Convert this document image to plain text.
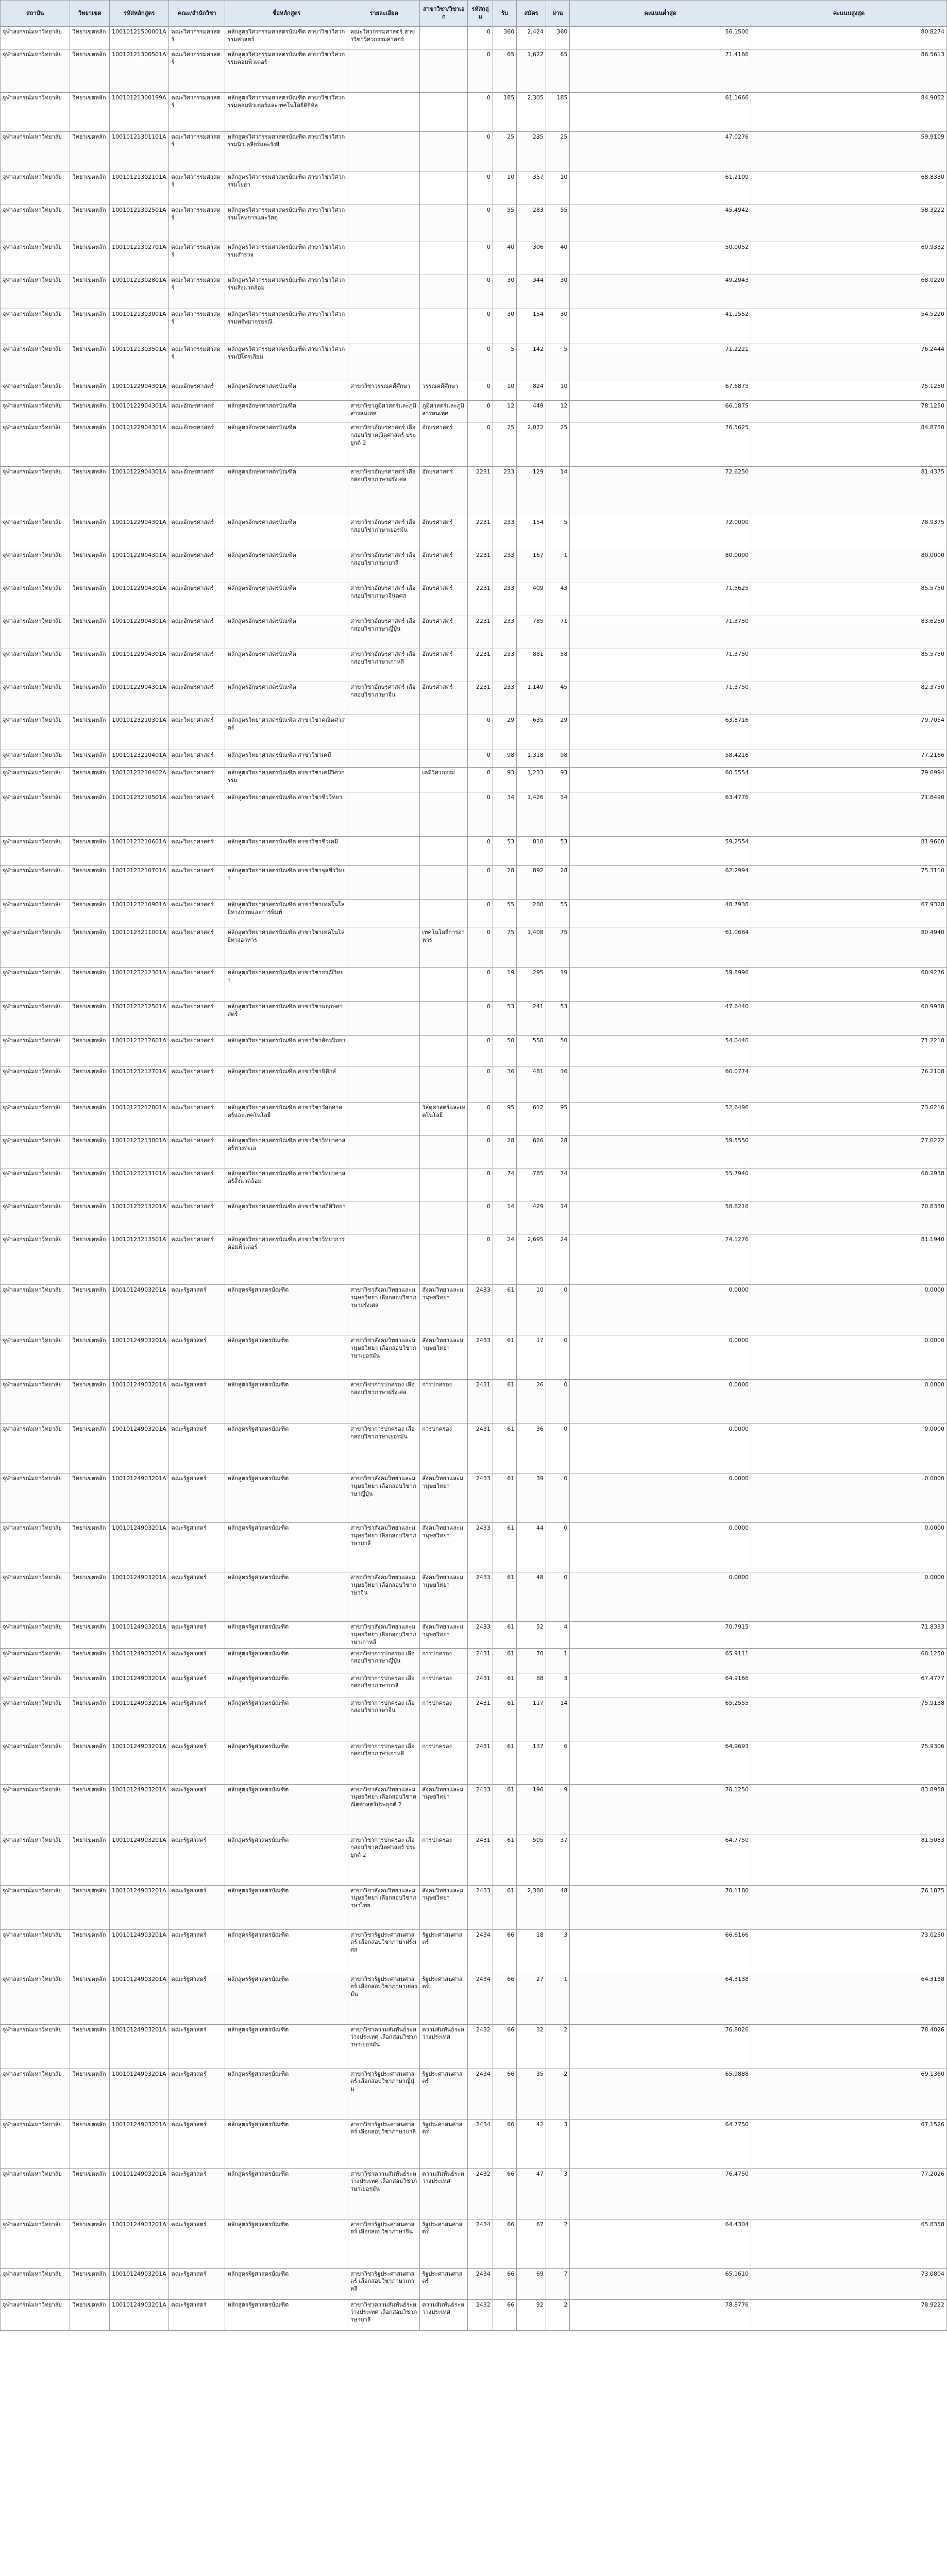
สถาบัน	วิทยาเขต	รหัสหลักสูตร	คณะ/สำนักวิชา	ชื่อหลักสูตร	รายละเอียด	สาขาวิชา/วิชาเอก	รหัสกลุ่ม	รับ	สมัคร	ผ่าน	คะแนนต่ำสุด	คะแนนสูงสุด
จุฬาลงกรณ์มหาวิทยาลัย	วิทยาเขตหลัก	10010121500001A	คณะวิศวกรรมศาสตร์	หลักสูตรวิศวกรรมศาสตรบัณฑิต สาขาวิชาวิศวกรรมศาสตร์	คณะวิศวกรรมศาสตร์ สาขาวิชาวิศวกรรมศาสตร์		0	360	2,424	360	56.1500	80.8274
จุฬาลงกรณ์มหาวิทยาลัย	วิทยาเขตหลัก	10010121300501A	คณะวิศวกรรมศาสตร์	หลักสูตรวิศวกรรมศาสตรบัณฑิต สาขาวิชาวิศวกรรมคอมพิวเตอร์			0	65	1,622	65	71.4166	86.5613
จุฬาลงกรณ์มหาวิทยาลัย	วิทยาเขตหลัก	10010121300199A	คณะวิศวกรรมศาสตร์	หลักสูตรวิศวกรรมศาสตรบัณฑิต สาขาวิชาวิศวกรรมคอมพิวเตอร์และเทคโนโลยีดิจิทัล			0	185	2,305	185	61.1666	84.9052
จุฬาลงกรณ์มหาวิทยาลัย	วิทยาเขตหลัก	10010121301101A	คณะวิศวกรรมศาสตร์	หลักสูตรวิศวกรรมศาสตรบัณฑิต สาขาวิชาวิศวกรรมนิวเคลียร์และรังสี			0	25	235	25	47.0276	59.9109
จุฬาลงกรณ์มหาวิทยาลัย	วิทยาเขตหลัก	10010121302101A	คณะวิศวกรรมศาสตร์	หลักสูตรวิศวกรรมศาสตรบัณฑิต สาขาวิชาวิศวกรรมโยธา			0	10	357	10	61.2109	68.8330
จุฬาลงกรณ์มหาวิทยาลัย	วิทยาเขตหลัก	10010121302501A	คณะวิศวกรรมศาสตร์	หลักสูตรวิศวกรรมศาสตรบัณฑิต สาขาวิชาวิศวกรรมโลหการและวัสดุ			0	55	283	55	45.4942	58.3222
จุฬาลงกรณ์มหาวิทยาลัย	วิทยาเขตหลัก	10010121302701A	คณะวิศวกรรมศาสตร์	หลักสูตรวิศวกรรมศาสตรบัณฑิต สาขาวิชาวิศวกรรมสำรวจ			0	40	306	40	50.0052	60.9332
จุฬาลงกรณ์มหาวิทยาลัย	วิทยาเขตหลัก	10010121302801A	คณะวิศวกรรมศาสตร์	หลักสูตรวิศวกรรมศาสตรบัณฑิต สาขาวิชาวิศวกรรมสิ่งแวดล้อม			0	30	344	30	49.2943	68.0220
จุฬาลงกรณ์มหาวิทยาลัย	วิทยาเขตหลัก	10010121303001A	คณะวิศวกรรมศาสตร์	หลักสูตรวิศวกรรมศาสตรบัณฑิต สาขาวิชาวิศวกรรมทรัพยากรธรณี			0	30	154	30	41.1552	54.5220
จุฬาลงกรณ์มหาวิทยาลัย	วิทยาเขตหลัก	10010121303501A	คณะวิศวกรรมศาสตร์	หลักสูตรวิศวกรรมศาสตรบัณฑิต สาขาวิชาวิศวกรรมปิโตรเลียม			0	5	142	5	71.2221	76.2444
จุฬาลงกรณ์มหาวิทยาลัย	วิทยาเขตหลัก	10010122904301A	คณะอักษรศาสตร์	หลักสูตรอักษรศาสตรบัณฑิต	สาขาวิชาวรรณคดีศึกษา	วรรณคดีศึกษา	0	10	824	10	67.6875	75.1250
จุฬาลงกรณ์มหาวิทยาลัย	วิทยาเขตหลัก	10010122904301A	คณะอักษรศาสตร์	หลักสูตรอักษรศาสตรบัณฑิต	สาขาวิชาภูมิศาสตร์และภูมิสารสนเทศ	ภูมิศาสตร์และภูมิสารสนเทศ	0	12	449	12	66.1875	78.1250
จุฬาลงกรณ์มหาวิทยาลัย	วิทยาเขตหลัก	10010122904301A	คณะอักษรศาสตร์	หลักสูตรอักษรศาสตรบัณฑิต	สาขาวิชาอักษรศาสตร์ เลือกสอบวิชาคณิตศาสตร์ ประยุกต์ 2	อักษรศาสตร์	0	25	2,072	25	76.5625	84.8750
จุฬาลงกรณ์มหาวิทยาลัย	วิทยาเขตหลัก	10010122904301A	คณะอักษรศาสตร์	หลักสูตรอักษรศาสตรบัณฑิต	สาขาวิชาอักษรศาสตร์ เลือกสอบวิชาภาษาฝรั่งเศส	อักษรศาสตร์	2231	233	129	14	72.6250	81.4375
จุฬาลงกรณ์มหาวิทยาลัย	วิทยาเขตหลัก	10010122904301A	คณะอักษรศาสตร์	หลักสูตรอักษรศาสตรบัณฑิต	สาขาวิชาอักษรศาสตร์ เลือกสอบวิชาภาษาเยอรมัน	อักษรศาสตร์	2231	233	154	5	72.0000	78.9375
จุฬาลงกรณ์มหาวิทยาลัย	วิทยาเขตหลัก	10010122904301A	คณะอักษรศาสตร์	หลักสูตรอักษรศาสตรบัณฑิต	สาขาวิชาอักษรศาสตร์ เลือกสอบวิชาภาษาบาลี	อักษรศาสตร์	2231	233	167	1	80.0000	80.0000
จุฬาลงกรณ์มหาวิทยาลัย	วิทยาเขตหลัก	10010122904301A	คณะอักษรศาสตร์	หลักสูตรอักษรศาสตรบัณฑิต	สาขาวิชาอักษรศาสตร์ เลือกสอบวิชาภาษาจีนดศส	อักษรศาสตร์	2231	233	409	43	71.5625	85.5750
จุฬาลงกรณ์มหาวิทยาลัย	วิทยาเขตหลัก	10010122904301A	คณะอักษรศาสตร์	หลักสูตรอักษรศาสตรบัณฑิต	สาขาวิชาอักษรศาสตร์ เลือกสอบวิชาภาษาญี่ปุ่น	อักษรศาสตร์	2231	233	785	71	71.3750	83.6250
จุฬาลงกรณ์มหาวิทยาลัย	วิทยาเขตหลัก	10010122904301A	คณะอักษรศาสตร์	หลักสูตรอักษรศาสตรบัณฑิต	สาขาวิชาอักษรศาสตร์ เลือกสอบวิชาภาษาเกาหลี	อักษรศาสตร์	2231	233	881	58	71.3750	85.5750
จุฬาลงกรณ์มหาวิทยาลัย	วิทยาเขตหลัก	10010122904301A	คณะอักษรศาสตร์	หลักสูตรอักษรศาสตรบัณฑิต	สาขาวิชาอักษรศาสตร์ เลือกสอบวิชาภาษาจีน	อักษรศาสตร์	2231	233	1,149	45	71.3750	82.3750
จุฬาลงกรณ์มหาวิทยาลัย	วิทยาเขตหลัก	10010123210301A	คณะวิทยาศาสตร์	หลักสูตรวิทยาศาสตรบัณฑิต สาขาวิชาคณิตศาสตร์			0	29	635	29	63.8716	79.7054
จุฬาลงกรณ์มหาวิทยาลัย	วิทยาเขตหลัก	10010123210401A	คณะวิทยาศาสตร์	หลักสูตรวิทยาศาสตรบัณฑิต สาขาวิชาเคมี			0	98	1,318	98	58.4216	77.2166
จุฬาลงกรณ์มหาวิทยาลัย	วิทยาเขตหลัก	10010123210402A	คณะวิทยาศาสตร์	หลักสูตรวิทยาศาสตรบัณฑิต สาขาวิชาเคมีวิศวกรรม		เคมีวิศวกรรม	0	93	1,233	93	60.5554	79.6994
จุฬาลงกรณ์มหาวิทยาลัย	วิทยาเขตหลัก	10010123210501A	คณะวิทยาศาสตร์	หลักสูตรวิทยาศาสตรบัณฑิต สาขาวิชาชีววิทยา			0	34	1,426	34	63.4776	71.8490
จุฬาลงกรณ์มหาวิทยาลัย	วิทยาเขตหลัก	10010123210601A	คณะวิทยาศาสตร์	หลักสูตรวิทยาศาสตรบัณฑิต สาขาวิชาชีวเคมี			0	53	818	53	59.2554	81.9660
จุฬาลงกรณ์มหาวิทยาลัย	วิทยาเขตหลัก	10010123210701A	คณะวิทยาศาสตร์	หลักสูตรวิทยาศาสตรบัณฑิต สาขาวิชาจุลชีววิทยา			0	28	892	28	62.2994	75.3110
จุฬาลงกรณ์มหาวิทยาลัย	วิทยาเขตหลัก	10010123210901A	คณะวิทยาศาสตร์	หลักสูตรวิทยาศาสตรบัณฑิต สาขาวิชาเทคโนโลยีทางภาพและการพิมพ์			0	55	280	55	48.7938	67.9328
จุฬาลงกรณ์มหาวิทยาลัย	วิทยาเขตหลัก	10010123211001A	คณะวิทยาศาสตร์	หลักสูตรวิทยาศาสตรบัณฑิต สาขาวิชาเทคโนโลยีทางอาหาร		เทคโนโลยีการอาหาร	0	75	1,408	75	61.0664	80.4940
จุฬาลงกรณ์มหาวิทยาลัย	วิทยาเขตหลัก	10010123212301A	คณะวิทยาศาสตร์	หลักสูตรวิทยาศาสตรบัณฑิต สาขาวิชาธรณีวิทยา			0	19	295	19	59.8996	68.9276
จุฬาลงกรณ์มหาวิทยาลัย	วิทยาเขตหลัก	10010123212501A	คณะวิทยาศาสตร์	หลักสูตรวิทยาศาสตรบัณฑิต สาขาวิชาพฤกษศาสตร์			0	53	241	53	47.6440	60.9938
จุฬาลงกรณ์มหาวิทยาลัย	วิทยาเขตหลัก	10010123212601A	คณะวิทยาศาสตร์	หลักสูตรวิทยาศาสตรบัณฑิต สาขาวิชาสัตววิทยา			0	50	558	50	54.0440	71.2218
จุฬาลงกรณ์มหาวิทยาลัย	วิทยาเขตหลัก	10010123212701A	คณะวิทยาศาสตร์	หลักสูตรวิทยาศาสตรบัณฑิต สาขาวิชาฟิสิกส์			0	36	481	36	60.0774	76.2108
จุฬาลงกรณ์มหาวิทยาลัย	วิทยาเขตหลัก	10010123212801A	คณะวิทยาศาสตร์	หลักสูตรวิทยาศาสตรบัณฑิต สาขาวิชาวัสดุศาสตร์และเทคโนโลยี		วัสดุศาสตร์และเทคโนโลยี	0	95	612	95	52.6496	73.0216
จุฬาลงกรณ์มหาวิทยาลัย	วิทยาเขตหลัก	10010123213001A	คณะวิทยาศาสตร์	หลักสูตรวิทยาศาสตรบัณฑิต สาขาวิชาวิทยาศาสตร์ทางทะเล			0	28	626	28	59.5550	77.0222
จุฬาลงกรณ์มหาวิทยาลัย	วิทยาเขตหลัก	10010123213101A	คณะวิทยาศาสตร์	หลักสูตรวิทยาศาสตรบัณฑิต สาขาวิชาวิทยาศาสตร์สิ่งแวดล้อม			0	74	785	74	55.7940	68.2938
จุฬาลงกรณ์มหาวิทยาลัย	วิทยาเขตหลัก	10010123213201A	คณะวิทยาศาสตร์	หลักสูตรวิทยาศาสตรบัณฑิต สาขาวิชาสถิติวิทยา			0	14	429	14	58.8216	70.8330
จุฬาลงกรณ์มหาวิทยาลัย	วิทยาเขตหลัก	10010123213501A	คณะวิทยาศาสตร์	หลักสูตรวิทยาศาสตรบัณฑิต สาขาวิชาวิทยาการคอมพิวเตอร์			0	24	2,695	24	74.1276	81.1940
จุฬาลงกรณ์มหาวิทยาลัย	วิทยาเขตหลัก	10010124903201A	คณะรัฐศาสตร์	หลักสูตรรัฐศาสตรบัณฑิต	สาขาวิชาสังคมวิทยาและมานุษยวิทยา เลือกสอบวิชาภาษาฝรั่งเศส	สังคมวิทยาและมานุษยวิทยา	2433	61	10	0	0.0000	0.0000
จุฬาลงกรณ์มหาวิทยาลัย	วิทยาเขตหลัก	10010124903201A	คณะรัฐศาสตร์	หลักสูตรรัฐศาสตรบัณฑิต	สาขาวิชาสังคมวิทยาและมานุษยวิทยา เลือกสอบวิชาภาษาเยอรมัน	สังคมวิทยาและมานุษยวิทยา	2433	61	17	0	0.0000	0.0000
จุฬาลงกรณ์มหาวิทยาลัย	วิทยาเขตหลัก	10010124903201A	คณะรัฐศาสตร์	หลักสูตรรัฐศาสตรบัณฑิต	สาขาวิชาการปกครอง เลือกสอบวิชาภาษาฝรั่งเศส	การปกครอง	2431	61	26	0	0.0000	0.0000
จุฬาลงกรณ์มหาวิทยาลัย	วิทยาเขตหลัก	10010124903201A	คณะรัฐศาสตร์	หลักสูตรรัฐศาสตรบัณฑิต	สาขาวิชาการปกครอง เลือกสอบวิชาภาษาเยอรมัน	การปกครอง	2431	61	36	0	0.0000	0.0000
จุฬาลงกรณ์มหาวิทยาลัย	วิทยาเขตหลัก	10010124903201A	คณะรัฐศาสตร์	หลักสูตรรัฐศาสตรบัณฑิต	สาขาวิชาสังคมวิทยาและมานุษยวิทยา เลือกสอบวิชาภาษาญี่ปุ่น	สังคมวิทยาและมานุษยวิทยา	2433	61	39	0	0.0000	0.0000
จุฬาลงกรณ์มหาวิทยาลัย	วิทยาเขตหลัก	10010124903201A	คณะรัฐศาสตร์	หลักสูตรรัฐศาสตรบัณฑิต	สาขาวิชาสังคมวิทยาและมานุษยวิทยา เลือกสอบวิชาภาษาบาลี	สังคมวิทยาและมานุษยวิทยา	2433	61	44	0	0.0000	0.0000
จุฬาลงกรณ์มหาวิทยาลัย	วิทยาเขตหลัก	10010124903201A	คณะรัฐศาสตร์	หลักสูตรรัฐศาสตรบัณฑิต	สาขาวิชาสังคมวิทยาและมานุษยวิทยา เลือกสอบวิชาภาษาจีน	สังคมวิทยาและมานุษยวิทยา	2433	61	48	0	0.0000	0.0000
จุฬาลงกรณ์มหาวิทยาลัย	วิทยาเขตหลัก	10010124903201A	คณะรัฐศาสตร์	หลักสูตรรัฐศาสตรบัณฑิต	สาขาวิชาสังคมวิทยาและมานุษยวิทยา เลือกสอบวิชาภาษาเกาหลี	สังคมวิทยาและมานุษยวิทยา	2433	61	52	4	70.7915	71.8333
จุฬาลงกรณ์มหาวิทยาลัย	วิทยาเขตหลัก	10010124903201A	คณะรัฐศาสตร์	หลักสูตรรัฐศาสตรบัณฑิต	สาขาวิชาการปกครอง เลือกสอบวิชาภาษาญี่ปุ่น	การปกครอง	2431	61	70	1	65.9111	68.1250
จุฬาลงกรณ์มหาวิทยาลัย	วิทยาเขตหลัก	10010124903201A	คณะรัฐศาสตร์	หลักสูตรรัฐศาสตรบัณฑิต	สาขาวิชาการปกครอง เลือกสอบวิชาภาษาบาลี	การปกครอง	2431	61	88	3	64.9166	67.4777
จุฬาลงกรณ์มหาวิทยาลัย	วิทยาเขตหลัก	10010124903201A	คณะรัฐศาสตร์	หลักสูตรรัฐศาสตรบัณฑิต	สาขาวิชาการปกครอง เลือกสอบวิชาภาษาจีน	การปกครอง	2431	61	117	14	65.2555	75.9138
จุฬาลงกรณ์มหาวิทยาลัย	วิทยาเขตหลัก	10010124903201A	คณะรัฐศาสตร์	หลักสูตรรัฐศาสตรบัณฑิต	สาขาวิชาการปกครอง เลือกสอบวิชาภาษาเกาหลี	การปกครอง	2431	61	137	6	64.9693	75.9306
จุฬาลงกรณ์มหาวิทยาลัย	วิทยาเขตหลัก	10010124903201A	คณะรัฐศาสตร์	หลักสูตรรัฐศาสตรบัณฑิต	สาขาวิชาสังคมวิทยาและมานุษยวิทยา เลือกสอบวิชาคณิตศาสตร์ประยุกต์ 2	สังคมวิทยาและมานุษยวิทยา	2433	61	196	9	70.1250	83.8958
จุฬาลงกรณ์มหาวิทยาลัย	วิทยาเขตหลัก	10010124903201A	คณะรัฐศาสตร์	หลักสูตรรัฐศาสตรบัณฑิต	สาขาวิชาการปกครอง เลือกสอบวิชาคณิตศาสตร์ ประยุกต์ 2	การปกครอง	2431	61	505	37	64.7750	81.5083
จุฬาลงกรณ์มหาวิทยาลัย	วิทยาเขตหลัก	10010124903201A	คณะรัฐศาสตร์	หลักสูตรรัฐศาสตรบัณฑิต	สาขาวิชาสังคมวิทยาและมานุษยวิทยา เลือกสอบวิชาภาษาไทย	สังคมวิทยาและมานุษยวิทยา	2433	61	2,380	48	70.1180	76.1875
จุฬาลงกรณ์มหาวิทยาลัย	วิทยาเขตหลัก	10010124903201A	คณะรัฐศาสตร์	หลักสูตรรัฐศาสตรบัณฑิต	สาขาวิชารัฐประศาสนศาสตร์ เลือกสอบวิชาภาษาฝรั่งเศส	รัฐประศาสนศาสตร์	2434	66	18	3	66.6166	73.0250
จุฬาลงกรณ์มหาวิทยาลัย	วิทยาเขตหลัก	10010124903201A	คณะรัฐศาสตร์	หลักสูตรรัฐศาสตรบัณฑิต	สาขาวิชารัฐประศาสนศาสตร์ เลือกสอบวิชาภาษาเยอรมัน	รัฐประศาสนศาสตร์	2434	66	27	1	64.3138	64.3138
จุฬาลงกรณ์มหาวิทยาลัย	วิทยาเขตหลัก	10010124903201A	คณะรัฐศาสตร์	หลักสูตรรัฐศาสตรบัณฑิต	สาขาวิชาความสัมพันธ์ระหว่างประเทศ เลือกสอบวิชาภาษาเยอรมัน	ความสัมพันธ์ระหว่างประเทศ	2432	66	32	2	76.8026	78.4026
จุฬาลงกรณ์มหาวิทยาลัย	วิทยาเขตหลัก	10010124903201A	คณะรัฐศาสตร์	หลักสูตรรัฐศาสตรบัณฑิต	สาขาวิชารัฐประศาสนศาสตร์ เลือกสอบวิชาภาษาญี่ปุ่น	รัฐประศาสนศาสตร์	2434	66	35	2	65.9888	69.1360
จุฬาลงกรณ์มหาวิทยาลัย	วิทยาเขตหลัก	10010124903201A	คณะรัฐศาสตร์	หลักสูตรรัฐศาสตรบัณฑิต	สาขาวิชารัฐประศาสนศาสตร์ เลือกสอบวิชาภาษาบาลี	รัฐประศาสนศาสตร์	2434	66	42	3	64.7750	67.1526
จุฬาลงกรณ์มหาวิทยาลัย	วิทยาเขตหลัก	10010124903201A	คณะรัฐศาสตร์	หลักสูตรรัฐศาสตรบัณฑิต	สาขาวิชาความสัมพันธ์ระหว่างประเทศ เลือกสอบวิชาภาษาเยอรมัน	ความสัมพันธ์ระหว่างประเทศ	2432	66	47	3	76.4750	77.2026
จุฬาลงกรณ์มหาวิทยาลัย	วิทยาเขตหลัก	10010124903201A	คณะรัฐศาสตร์	หลักสูตรรัฐศาสตรบัณฑิต	สาขาวิชารัฐประศาสนศาสตร์ เลือกสอบวิชาภาษาจีน	รัฐประศาสนศาสตร์	2434	66	67	2	64.4304	65.8358
จุฬาลงกรณ์มหาวิทยาลัย	วิทยาเขตหลัก	10010124903201A	คณะรัฐศาสตร์	หลักสูตรรัฐศาสตรบัณฑิต	สาขาวิชารัฐประศาสนศาสตร์ เลือกสอบวิชาภาษาเกาหลี	รัฐประศาสนศาสตร์	2434	66	69	7	65.1610	73.0804
จุฬาลงกรณ์มหาวิทยาลัย	วิทยาเขตหลัก	10010124903201A	คณะรัฐศาสตร์	หลักสูตรรัฐศาสตรบัณฑิต	สาขาวิชาความสัมพันธ์ระหว่างประเทศ เลือกสอบวิชาภาษาบาลี	ความสัมพันธ์ระหว่างประเทศ	2432	66	92	2	78.8776	78.9222
